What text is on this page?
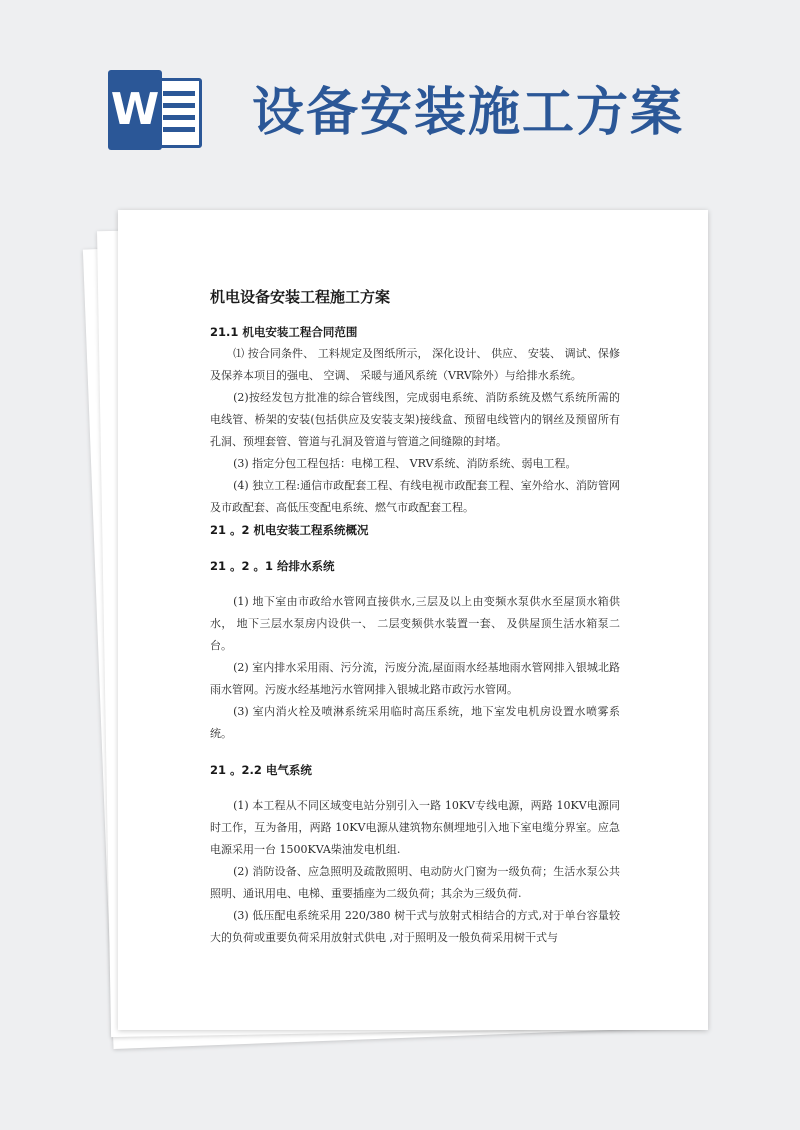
W 设备安装施工方案
机电设备安装工程施工方案

21.1 机电安装工程合同范围

⑴ 按合同条件、 工料规定及图纸所示， 深化设计、 供应、 安装、 调试、保修及保养本项目的强电、 空调、 采暖与通风系统（VRV除外）与给排水系统。

(2)按经发包方批准的综合管线图，完成弱电系统、消防系统及燃气系统所需的电线管、桥架的安装(包括供应及安装支架)接线盒、预留电线管内的钢丝及预留所有孔洞、预埋套管、管道与孔洞及管道与管道之间缝隙的封堵。

(3) 指定分包工程包括：电梯工程、 VRV系统、消防系统、弱电工程。

(4) 独立工程:通信市政配套工程、有线电视市政配套工程、室外给水、消防管网及市政配套、高低压变配电系统、燃气市政配套工程。

21 。2 机电安装工程系统概况

21 。2 。1 给排水系统

(1) 地下室由市政给水管网直接供水,三层及以上由变频水泵供水至屋顶水箱供水， 地下三层水泵房内设供一、 二层变频供水装置一套、 及供屋顶生活水箱泵二台。

(2) 室内排水采用雨、污分流，污废分流,屋面雨水经基地雨水管网排入银城北路雨水管网。污废水经基地污水管网排入银城北路市政污水管网。

(3) 室内消火栓及喷淋系统采用临时高压系统，地下室发电机房设置水喷雾系统。

21 。2.2 电气系统

(1) 本工程从不同区域变电站分别引入一路 10KV专线电源，两路 10KV电源同时工作，互为备用，两路 10KV电源从建筑物东侧埋地引入地下室电缆分界室。应急电源采用一台 1500KVA柴油发电机组.

(2) 消防设备、应急照明及疏散照明、电动防火门窗为一级负荷；生活水泵公共照明、通讯用电、电梯、重要插座为二级负荷；其余为三级负荷.

(3) 低压配电系统采用 220/380 树干式与放射式相结合的方式,对于单台容量较大的负荷或重要负荷采用放射式供电 ,对于照明及一般负荷采用树干式与
